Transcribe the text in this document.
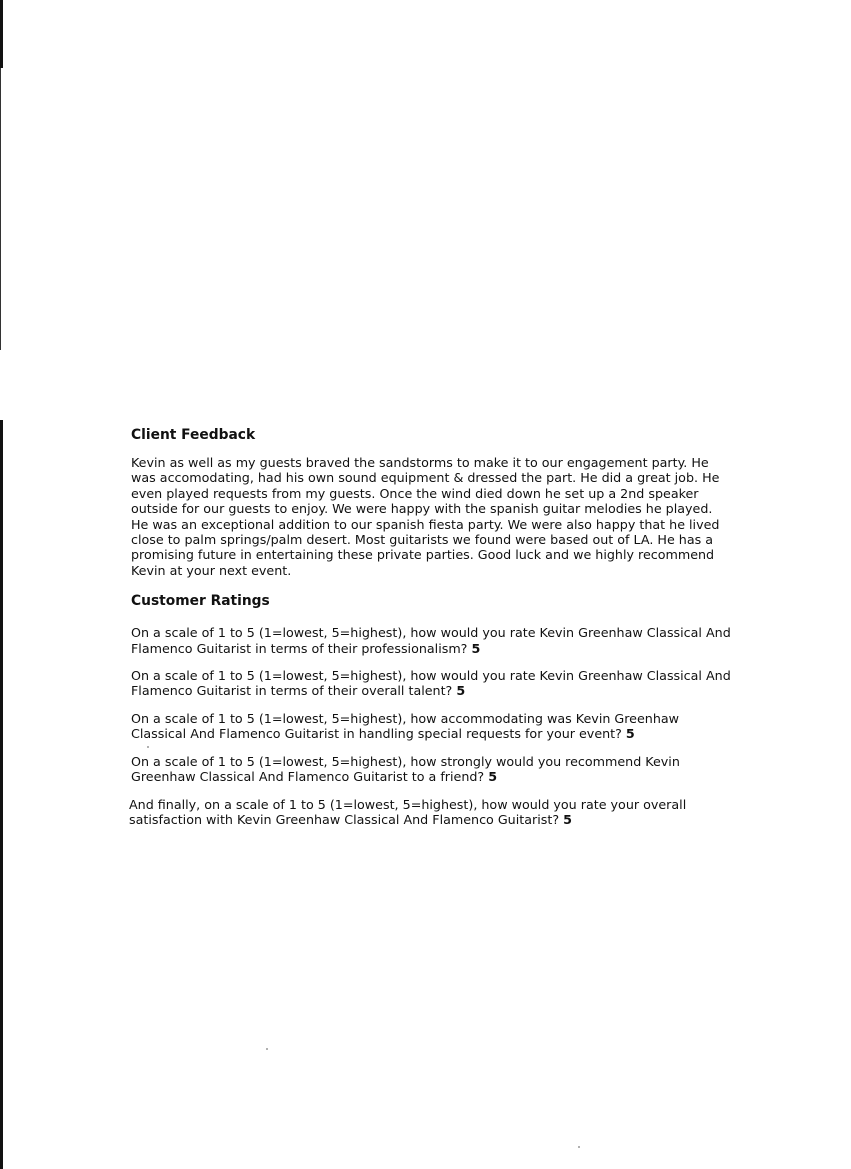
Client Feedback

Kevin as well as my guests braved the sandstorms to make it to our engagement party. He was accomodating, had his own sound equipment & dressed the part. He did a great job. He even played requests from my guests. Once the wind died down he set up a 2nd speaker outside for our guests to enjoy. We were happy with the spanish guitar melodies he played. He was an exceptional addition to our spanish fiesta party. We were also happy that he lived close to palm springs/palm desert. Most guitarists we found were based out of LA. He has a promising future in entertaining these private parties. Good luck and we highly recommend Kevin at your next event.

Customer Ratings
On a scale of 1 to 5 (1=lowest, 5=highest), how would you rate Kevin Greenhaw Classical And Flamenco Guitarist in terms of their professionalism? 5
On a scale of 1 to 5 (1=lowest, 5=highest), how would you rate Kevin Greenhaw Classical And Flamenco Guitarist in terms of their overall talent? 5
On a scale of 1 to 5 (1=lowest, 5=highest), how accommodating was Kevin Greenhaw Classical And Flamenco Guitarist in handling special requests for your event? 5
On a scale of 1 to 5 (1=lowest, 5=highest), how strongly would you recommend Kevin Greenhaw Classical And Flamenco Guitarist to a friend? 5
And finally, on a scale of 1 to 5 (1=lowest, 5=highest), how would you rate your overall satisfaction with Kevin Greenhaw Classical And Flamenco Guitarist? 5
